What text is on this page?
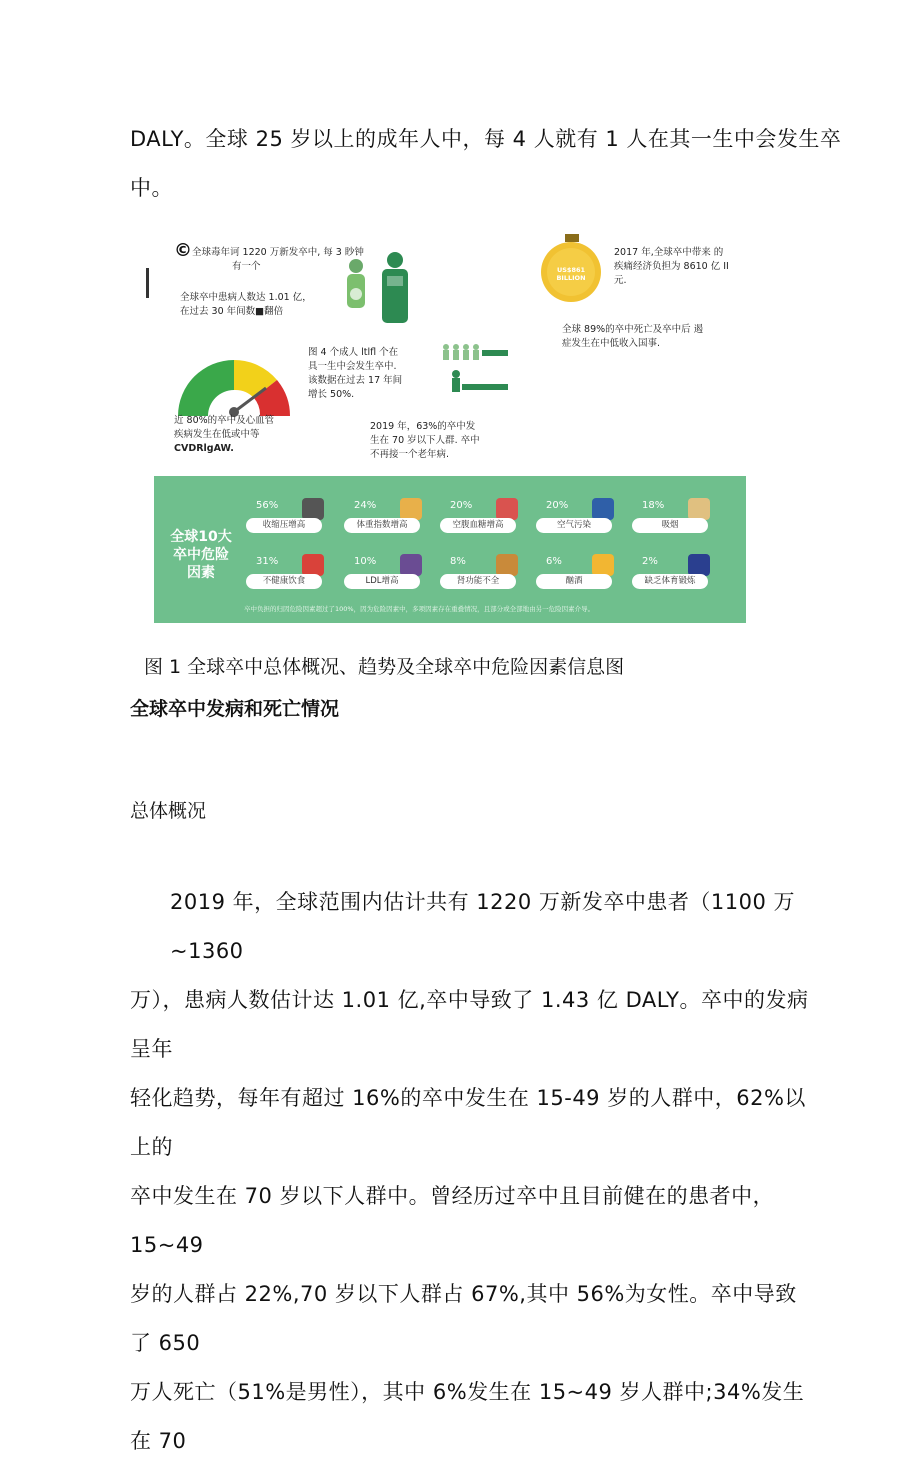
DALY。全球 25 岁以上的成年人中，每 4 人就有 1 人在其一生中会发生卒
中。
© 全球毒年诃 1220 万新发卒中, 每 3 眇钟
有一个
全球卒中患病人数达 1.01 亿，
在过去 30 年间数■翻倍
US$861 BILLION
2017 年,全球卒中带来 的
疾痛经济负担为 8610 亿 II
元.
全球 89%的卒中死亡及卒中后 遏
症发生在中低收入国事.
图 4 个成人 ltlfl 个在
具一生中会发生卒中.
该数据在过去 17 年间
增长 50%.
近 80%的卒中及心血管
疾病发生在低或中等
CVDRlgAW.
2019 年，63%的卒中发
生在 70 岁以下人群. 卒中
不再接一个老年病.
全球10大
卒中危险
因素
56%
收缩压增高
24%
体重指数增高
20%
空腹血糖增高
20%
空气污染
18%
吸烟
31%
不健康饮食
10%
LDL增高
8%
肾功能不全
6%
酗酒
2%
缺乏体育锻炼
卒中负担的归因危险因素超过了100%，因为危险因素中，多项因素存在重叠情况，且部分或全部地由另一危险因素介导。
图 1 全球卒中总体概况、趋势及全球卒中危险因素信息图
全球卒中发病和死亡情况
总体概况
2019 年，全球范围内估计共有 1220 万新发卒中患者（1100 万~1360
万），患病人数估计达 1.01 亿,卒中导致了 1.43 亿 DALY。卒中的发病呈年
轻化趋势，每年有超过 16%的卒中发生在 15-49 岁的人群中，62%以上的
卒中发生在 70 岁以下人群中。曾经历过卒中且目前健在的患者中，15~49
岁的人群占 22%,70 岁以下人群占 67%,其中 56%为女性。卒中导致了 650
万人死亡（51%是男性），其中 6%发生在 15~49 岁人群中;34%发生在 70
